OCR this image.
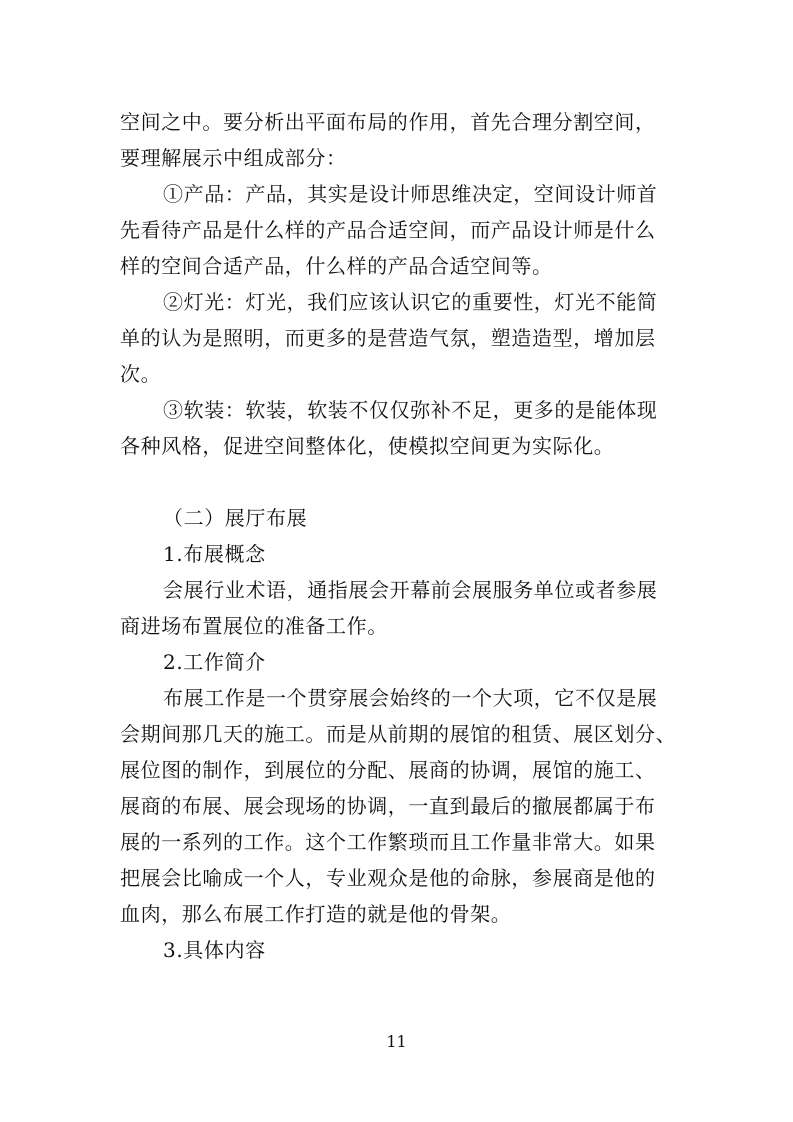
空间之中。要分析出平面布局的作用，首先合理分割空间，
要理解展示中组成部分：
①产品：产品，其实是设计师思维决定，空间设计师首
先看待产品是什么样的产品合适空间，而产品设计师是什么
样的空间合适产品，什么样的产品合适空间等。
②灯光：灯光，我们应该认识它的重要性，灯光不能简
单的认为是照明，而更多的是营造气氛，塑造造型，增加层
次。
③软装：软装，软装不仅仅弥补不足，更多的是能体现
各种风格，促进空间整体化，使模拟空间更为实际化。
（二）展厅布展
1.布展概念
会展行业术语，通指展会开幕前会展服务单位或者参展
商进场布置展位的准备工作。
2.工作简介
布展工作是一个贯穿展会始终的一个大项，它不仅是展
会期间那几天的施工。而是从前期的展馆的租赁、展区划分、
展位图的制作，到展位的分配、展商的协调，展馆的施工、
展商的布展、展会现场的协调，一直到最后的撤展都属于布
展的一系列的工作。这个工作繁琐而且工作量非常大。如果
把展会比喻成一个人，专业观众是他的命脉，参展商是他的
血肉，那么布展工作打造的就是他的骨架。
3.具体内容
11
